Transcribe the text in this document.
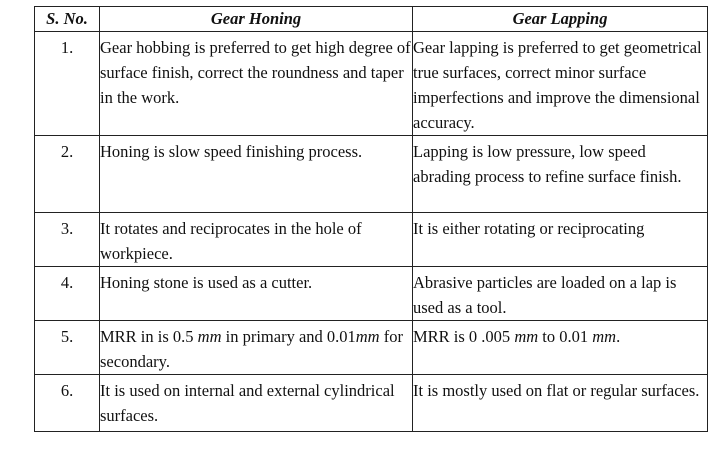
S. No.	Gear Honing	Gear Lapping

1.	Gear hobbing is preferred to get high degree of surface finish, correct the roundness and taper in the work.	Gear lapping is preferred to get geometrical true surfaces, correct minor surface imperfections and improve the dimensional accuracy.

2.	Honing is slow speed finishing process.	Lapping is low pressure, low speed abrading process to refine surface finish.

3.	It rotates and reciprocates in the hole of workpiece.	It is either rotating or reciprocating

4.	Honing stone is used as a cutter.	Abrasive particles are loaded on a lap is used as a tool.

5.	MRR in is 0.5 mm in primary and 0.01mm for secondary.	MRR is 0 .005 mm to 0.01 mm.

6.	It is used on internal and external cylindrical surfaces.	It is mostly used on flat or regular surfaces.
